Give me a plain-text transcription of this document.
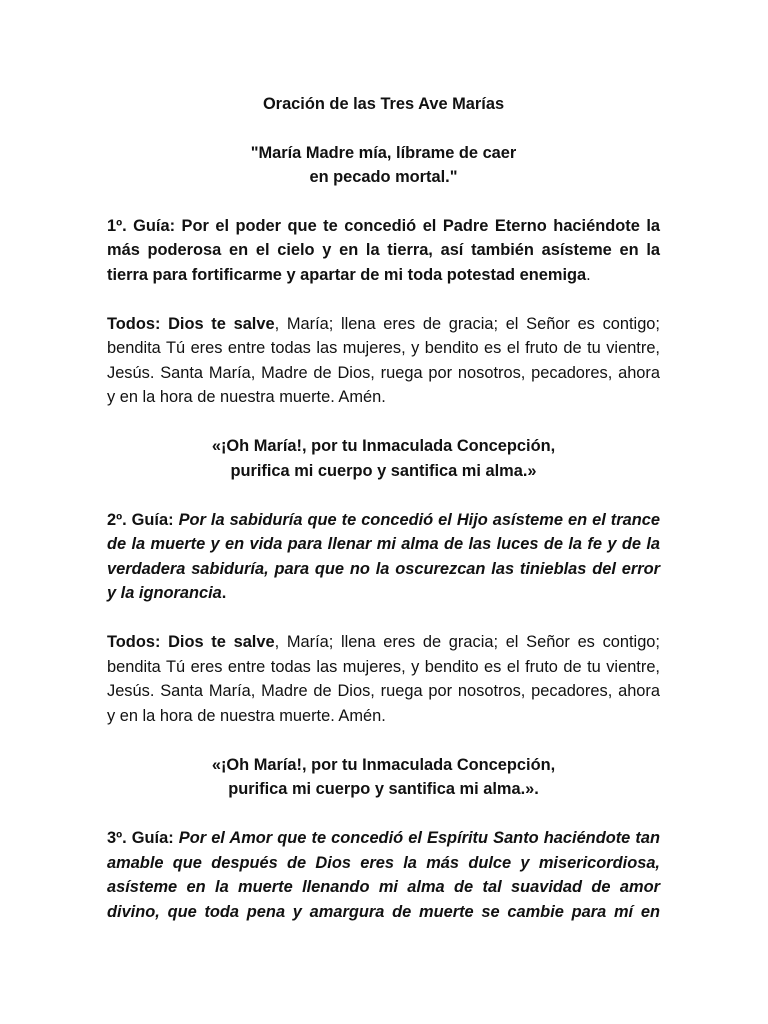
Oración de las Tres Ave Marías

"María Madre mía, líbrame de caer
en pecado mortal."

1º. Guía: Por el poder que te concedió el Padre Eterno haciéndote la más poderosa en el cielo y en la tierra, así también asísteme en la tierra para fortificarme y apartar de mi toda potestad enemiga.

Todos: Dios te salve, María; llena eres de gracia; el Señor es contigo; bendita Tú eres entre todas las mujeres, y bendito es el fruto de tu vientre, Jesús. Santa María, Madre de Dios, ruega por nosotros, pecadores, ahora y en la hora de nuestra muerte. Amén.

«¡Oh María!, por tu Inmaculada Concepción,
purifica mi cuerpo y santifica mi alma.»

2º. Guía: Por la sabiduría que te concedió el Hijo asísteme en el trance de la muerte y en vida para llenar mi alma de las luces de la fe y de la verdadera sabiduría, para que no la oscurezcan las tinieblas del error y la ignorancia.

Todos: Dios te salve, María; llena eres de gracia; el Señor es contigo; bendita Tú eres entre todas las mujeres, y bendito es el fruto de tu vientre, Jesús. Santa María, Madre de Dios, ruega por nosotros, pecadores, ahora y en la hora de nuestra muerte. Amén.

«¡Oh María!, por tu Inmaculada Concepción,
purifica mi cuerpo y santifica mi alma.».

3º. Guía: Por el Amor que te concedió el Espíritu Santo haciéndote tan amable que después de Dios eres la más dulce y misericordiosa, asísteme en la muerte llenando mi alma de tal suavidad de amor divino, que toda pena y amargura de muerte se cambie para mí en
